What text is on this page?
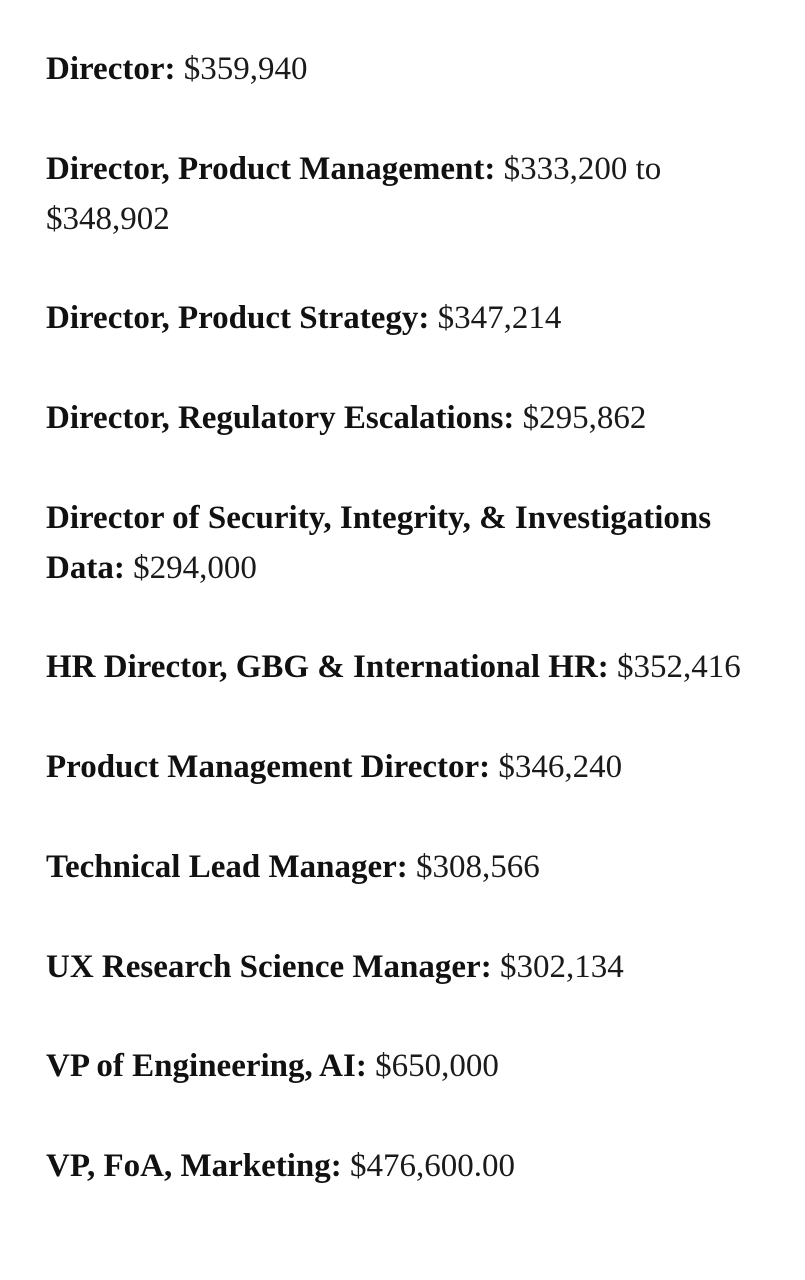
Director: $359,940

Director, Product Management: $333,200 to $348,902

Director, Product Strategy: $347,214

Director, Regulatory Escalations: $295,862

Director of Security, Integrity, & Investigations Data: $294,000

HR Director, GBG & International HR: $352,416

Product Management Director: $346,240

Technical Lead Manager: $308,566

UX Research Science Manager: $302,134

VP of Engineering, AI: $650,000

VP, FoA, Marketing: $476,600.00
